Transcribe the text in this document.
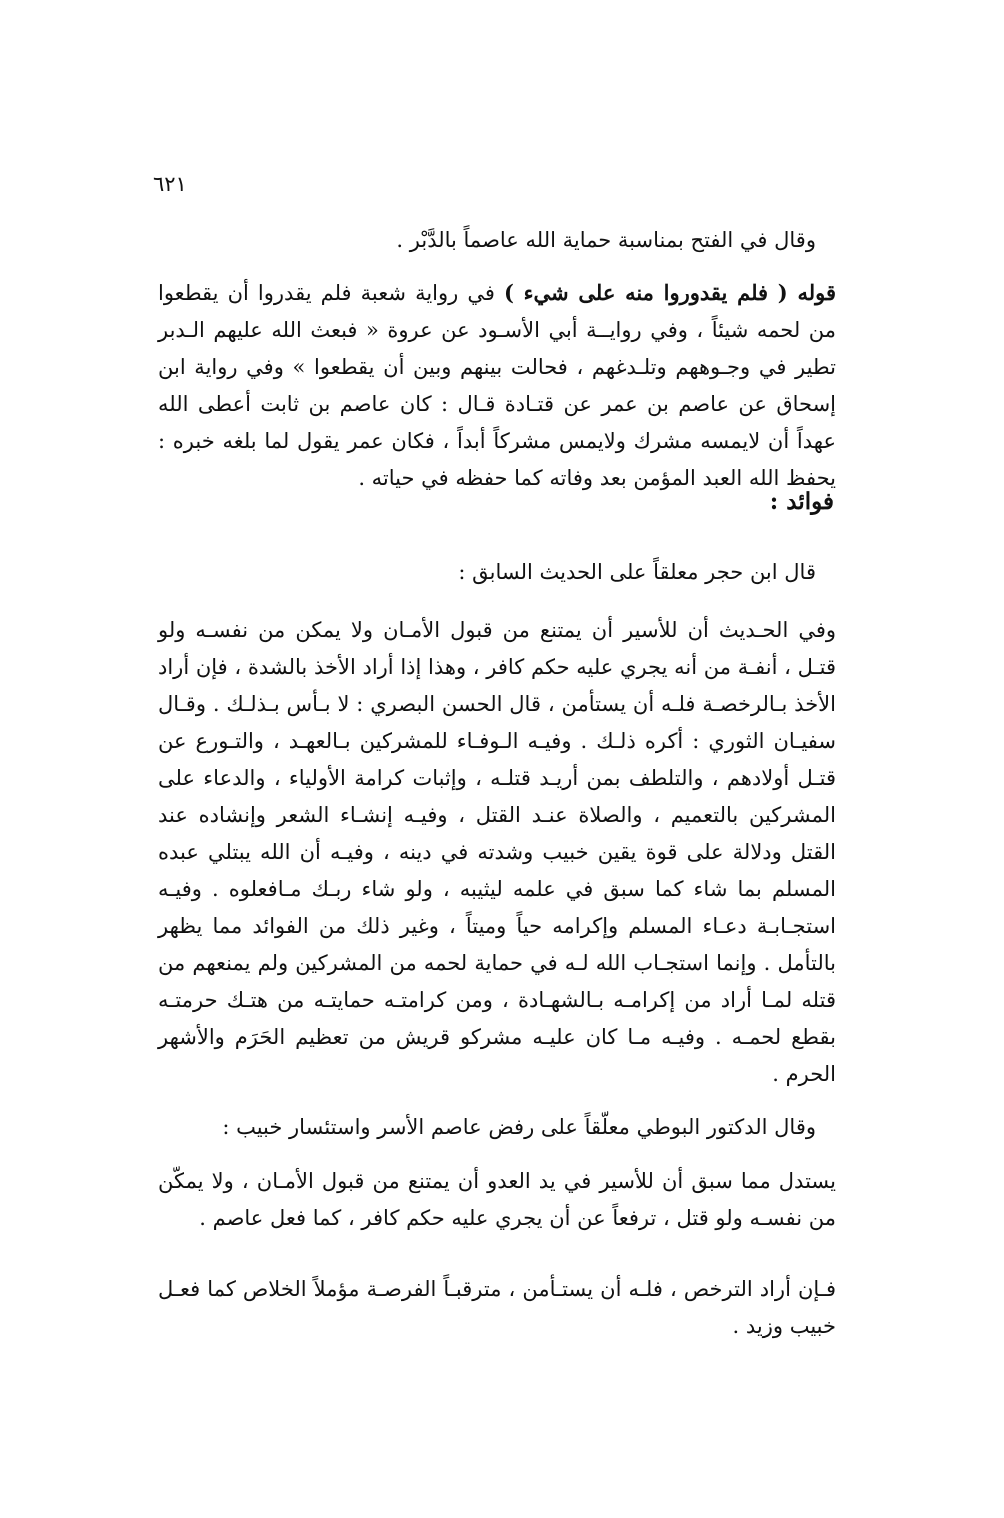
٦٢١
وقال في الفتح بمناسبة حماية الله عاصماً بالدَّبْر .
قوله ( فلم يقدوروا منه على شيء ) في رواية شعبة فلم يقدروا أن يقطعوا من لحمه شيئاً ، وفي روايــة أبي الأسـود عن عروة « فبعث الله عليهم الـدبر تطير في وجـوههم وتلـدغهم ، فحالت بينهم وبين أن يقطعوا » وفي رواية ابن إسحاق عن عاصم بن عمر عن قتـادة قـال : كان عاصم بن ثابت أعطى الله عهداً أن لايمسه مشرك ولايمس مشركاً أبداً ، فكان عمر يقول لما بلغه خبره : يحفظ الله العبد المؤمن بعد وفاته كما حفظه في حياته .
فوائد :
قال ابن حجر معلقاً على الحديث السابق :
وفي الحـديث أن للأسير أن يمتنع من قبول الأمـان ولا يمكن من نفسـه ولو قتـل ، أنفـة من أنه يجري عليه حكم كافر ، وهذا إذا أراد الأخذ بالشدة ، فإن أراد الأخذ بـالرخصـة فلـه أن يستأمن ، قال الحسن البصري : لا بـأس بـذلـك . وقـال سفيـان الثوري : أكره ذلـك . وفيـه الـوفـاء للمشركين بـالعهـد ، والتـورع عن قتـل أولادهم ، والتلطف بمن أريـد قتلـه ، وإثبات كرامة الأولياء ، والدعاء على المشركين بالتعميم ، والصلاة عنـد القتل ، وفيـه إنشـاء الشعر وإنشاده عند القتل ودلالة على قوة يقين خبيب وشدته في دينه ، وفيـه أن الله يبتلي عبده المسلم بما شاء كما سبق في علمه ليثيبه ، ولو شاء ربـك مـافعلوه . وفيـه استجـابـة دعـاء المسلم وإكرامه حياً وميتاً ، وغير ذلك من الفوائد مما يظهر بالتأمل . وإنما استجـاب الله لـه في حماية لحمه من المشركين ولم يمنعهم من قتله لمـا أراد من إكرامـه بـالشهـادة ، ومن كرامتـه حمايتـه من هتـك حرمتـه بقطع لحمـه . وفيـه مـا كان عليـه مشركو قريش من تعظيم الحَرَم والأشهر الحرم .
وقال الدكتور البوطي معلّقاً على رفض عاصم الأسر واستئسار خبيب :
يستدل مما سبق أن للأسير في يد العدو أن يمتنع من قبول الأمـان ، ولا يمكّن من نفسـه ولو قتل ، ترفعاً عن أن يجري عليه حكم كافر ، كما فعل عاصم .
فـإن أراد الترخص ، فلـه أن يستـأمن ، مترقبـاً الفرصـة مؤملاً الخلاص كما فعـل خبيب وزيد .
